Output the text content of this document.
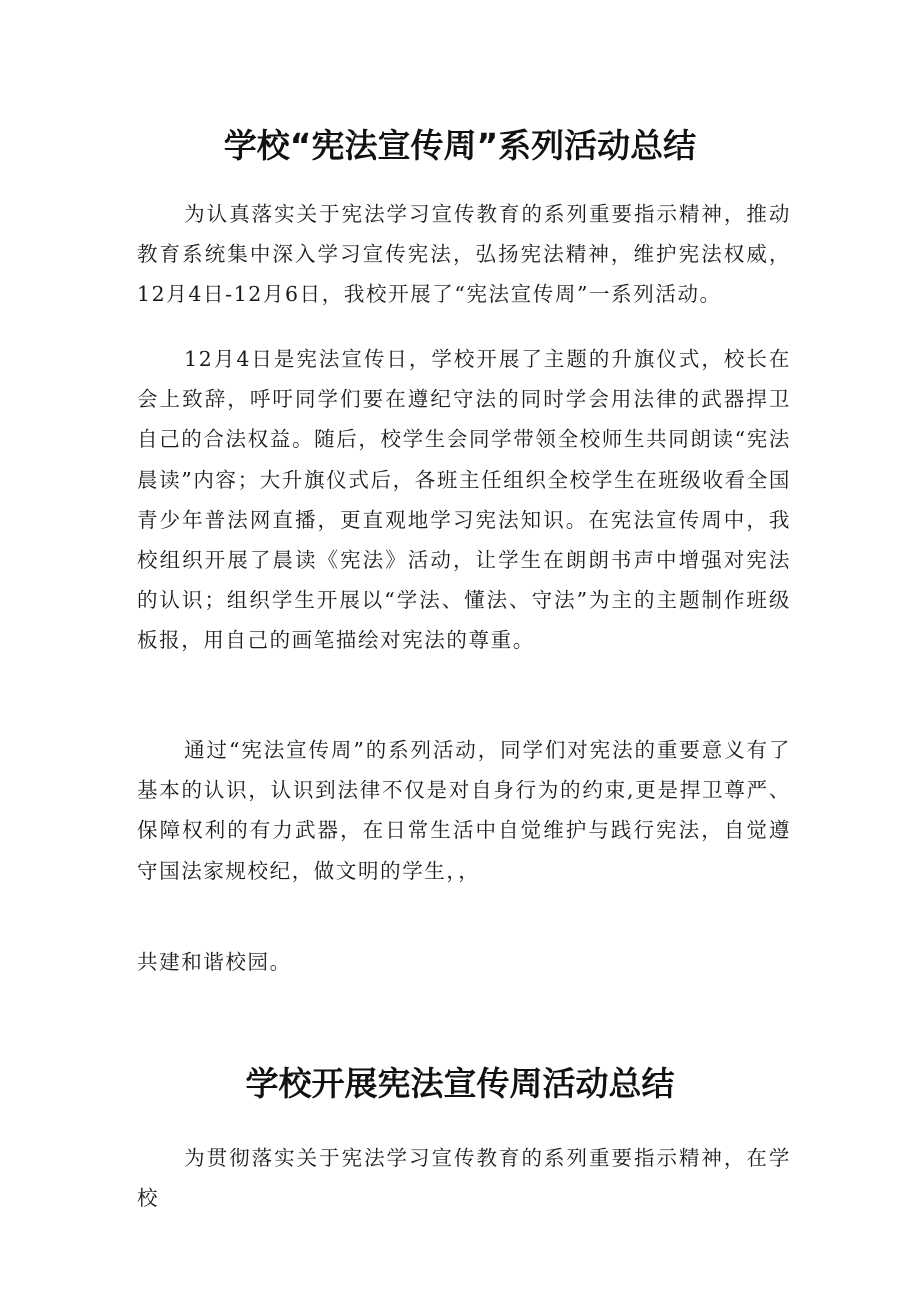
学校“宪法宣传周”系列活动总结

为认真落实关于宪法学习宣传教育的系列重要指示精神，推动教育系统集中深入学习宣传宪法，弘扬宪法精神，维护宪法权威，12月4日-12月6日，我校开展了“宪法宣传周”一系列活动。

12月4日是宪法宣传日，学校开展了主题的升旗仪式，校长在会上致辞，呼吁同学们要在遵纪守法的同时学会用法律的武器捍卫自己的合法权益。随后，校学生会同学带领全校师生共同朗读“宪法晨读”内容；大升旗仪式后，各班主任组织全校学生在班级收看全国青少年普法网直播，更直观地学习宪法知识。在宪法宣传周中，我校组织开展了晨读《宪法》活动，让学生在朗朗书声中增强对宪法的认识；组织学生开展以“学法、懂法、守法”为主的主题制作班级板报，用自己的画笔描绘对宪法的尊重。

通过“宪法宣传周”的系列活动，同学们对宪法的重要意义有了基本的认识，认识到法律不仅是对自身行为的约束,更是捍卫尊严、保障权利的有力武器，在日常生活中自觉维护与践行宪法，自觉遵守国法家规校纪，做文明的学生，，

共建和谐校园。
学校开展宪法宣传周活动总结

为贯彻落实关于宪法学习宣传教育的系列重要指示精神，在学校
